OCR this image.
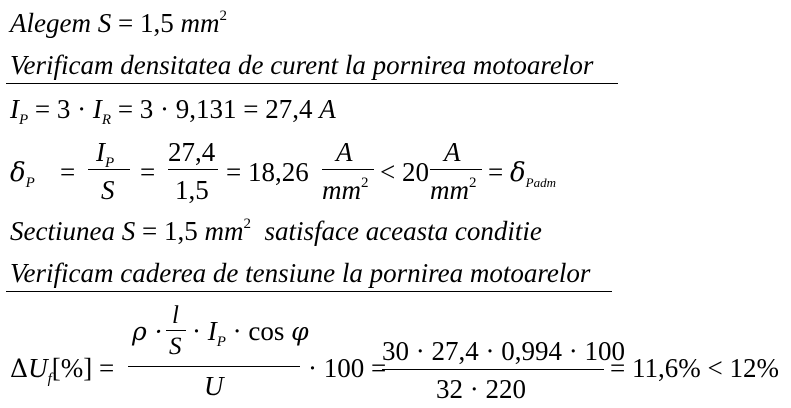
Alegem S = 1,5 $mm^2$
Verificam densitatea de curent la pornirea motoarelor
$I_P = 3 \cdot I_R = 3 \cdot 9,131 = 27,4$ A
$\delta_P$ =
$I_P$
S
=
27,4
1,5
= 18,26
A
$mm^2 < 20$
A
$mm^2 = \delta_{Padm}$
Sectiunea S = 1,5 $mm^2$ satisface aceasta conditie
Verificam caderea de tensiune la pornirea motoarelor
$\Delta U_f[\%]$ =
ρ ·
l
S
· $I_P \cdot \cos \varphi$
U
· 100 =
30 · 27,4 · 0,994 · 100
32 · 220
= 11,6% < 12%
